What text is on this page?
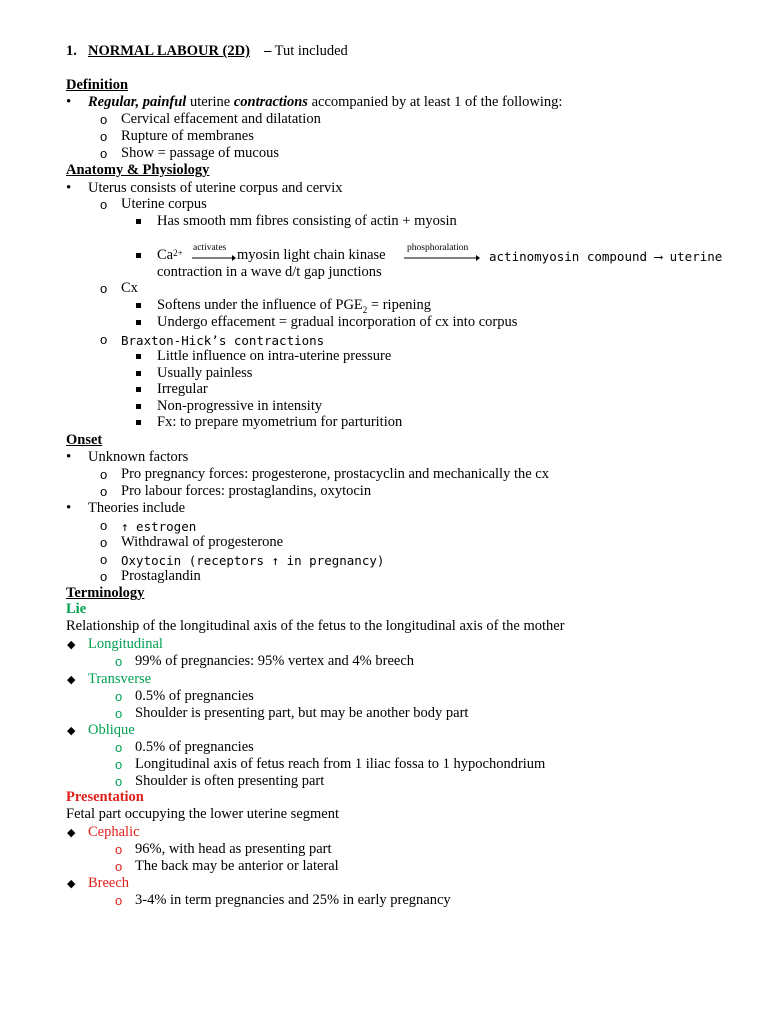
1. NORMAL LABOUR (2D) – Tut included
Definition
•
Regular, painful uterine contractions accompanied by at least 1 of the following:
o Cervical effacement and dilatation
o Rupture of membranes
o Show = passage of mucous
Anatomy & Physiology
•
Uterus consists of uterine corpus and cervix
o Uterine corpus
Has smooth mm fibres consisting of actin + myosin
$Ca^{2+}$ activates myosin light chain kinase phosphoralation
actinomyosin compound ⟶ uterine
contraction in a wave d/t gap junctions
o Cx
Softens under the influence of $PGE_2$ = ripening
Undergo effacement = gradual incorporation of cx into corpus
o Braxton-Hick’s contractions
Little influence on intra-uterine pressure
Usually painless
Irregular
Non-progressive in intensity
Fx: to prepare myometrium for parturition
Onset
•
Unknown factors
o Pro pregnancy forces: progesterone, prostacyclin and mechanically the cx
o Pro labour forces: prostaglandins, oxytocin
•
Theories include
o ↑ estrogen
o Withdrawal of progesterone
o Oxytocin (receptors ↑ in pregnancy)
o Prostaglandin
Terminology
Lie
Relationship of the longitudinal axis of the fetus to the longitudinal axis of the mother
◆ Longitudinal
o 99% of pregnancies: 95% vertex and 4% breech
◆ Transverse
o 0.5% of pregnancies
o Shoulder is presenting part, but may be another body part
◆ Oblique
o 0.5% of pregnancies
o Longitudinal axis of fetus reach from 1 iliac fossa to 1 hypochondrium
o Shoulder is often presenting part
Presentation
Fetal part occupying the lower uterine segment
◆ Cephalic
o 96%, with head as presenting part
o The back may be anterior or lateral
◆ Breech
o 3-4% in term pregnancies and 25% in early pregnancy
